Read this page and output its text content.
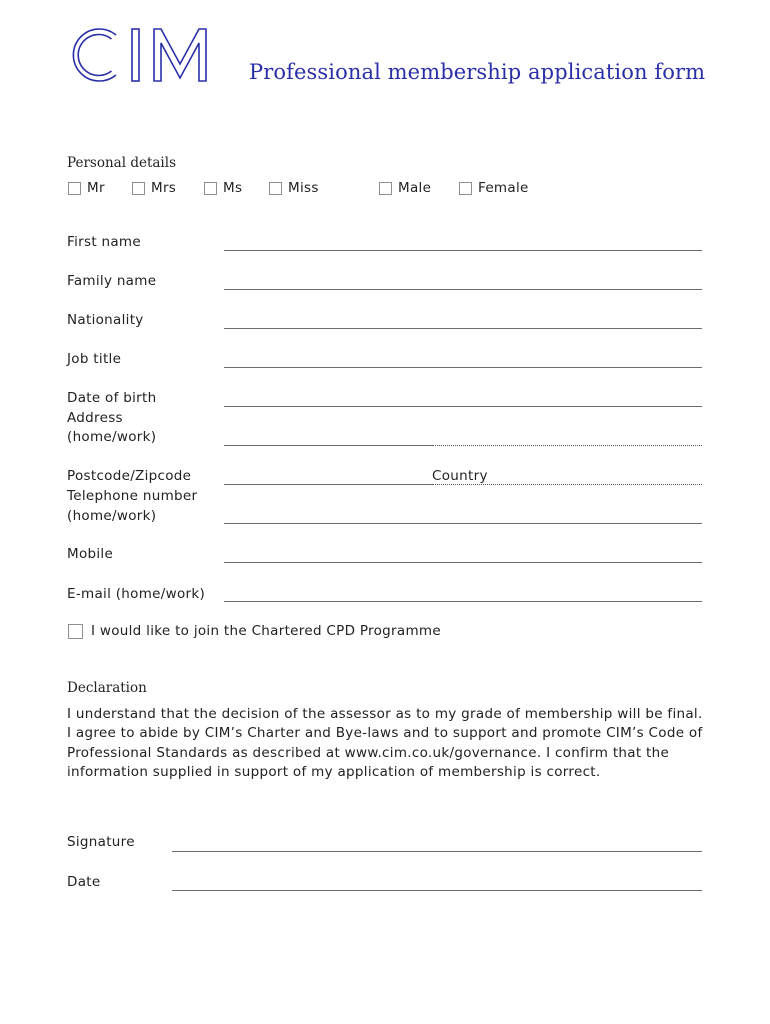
Professional membership application form
Personal details
Mr	Mrs	Ms	Miss	Male	Female
First name
Family name
Nationality
Job title
Date of birth
Address
(home/work)
Postcode/Zipcode	Country
Telephone number
(home/work)
Mobile
E-mail (home/work)
I would like to join the Chartered CPD Programme
Declaration
I understand that the decision of the assessor as to my grade of membership will be final. I agree to abide by CIM’s Charter and Bye-laws and to support and promote CIM’s Code of Professional Standards as described at www.cim.co.uk/governance. I confirm that the information supplied in support of my application of membership is correct.
Signature
Date
